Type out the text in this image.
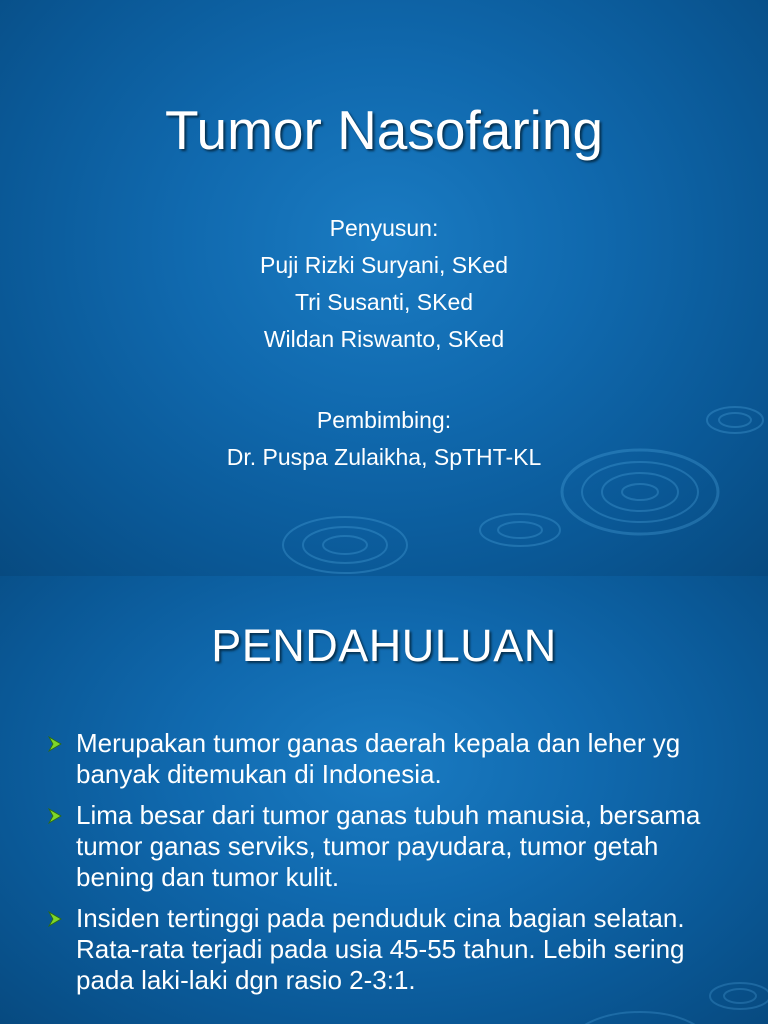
Tumor Nasofaring
Penyusun:
Puji Rizki Suryani, SKed
Tri Susanti, SKed
Wildan Riswanto, SKed
Pembimbing:
Dr. Puspa Zulaikha, SpTHT-KL
PENDAHULUAN
Merupakan tumor ganas daerah kepala dan leher yg banyak ditemukan di Indonesia.
Lima besar dari tumor ganas tubuh manusia, bersama tumor ganas serviks, tumor payudara, tumor getah bening dan tumor kulit.
Insiden tertinggi pada penduduk cina bagian selatan. Rata-rata terjadi pada usia 45-55 tahun. Lebih sering pada laki-laki dgn rasio 2-3:1.
